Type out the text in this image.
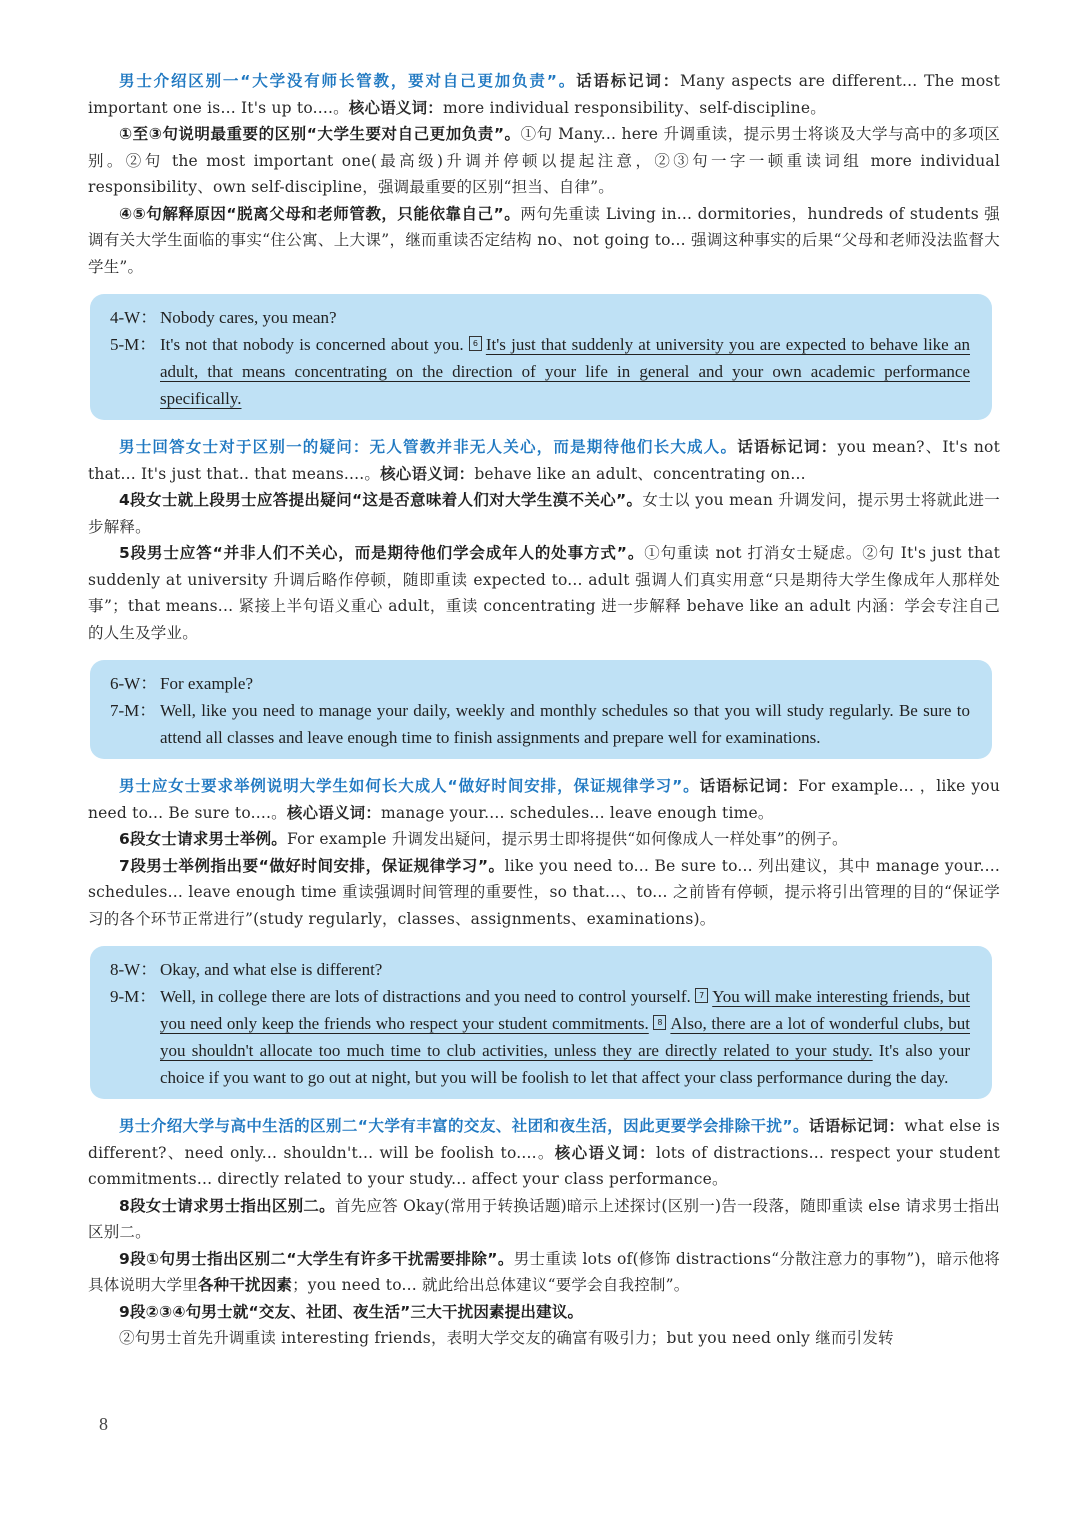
男士介绍区别一“大学没有师长管教，要对自己更加负责”。话语标记词：Many aspects are different... The most important one is... It's up to....。核心语义词：more individual responsibility、self-discipline。

①至③句说明最重要的区别“大学生要对自己更加负责”。①句 Many... here 升调重读，提示男士将谈及大学与高中的多项区别。②句 the most important one(最高级)升调并停顿以提起注意，②③句一字一顿重读词组 more individual responsibility、own self-discipline，强调最重要的区别“担当、自律”。

④⑤句解释原因“脱离父母和老师管教，只能依靠自己”。两句先重读 Living in... dormitories，hundreds of students 强调有关大学生面临的事实“住公寓、上大课”，继而重读否定结构 no、not going to... 强调这种事实的后果“父母和老师没法监督大学生”。

4-W： Nobody cares, you mean?
5-M： It's not that nobody is concerned about you. 6 It's just that suddenly at university you are expected to behave like an adult, that means concentrating on the direction of your life in general and your own academic performance specifically.

男士回答女士对于区别一的疑问：无人管教并非无人关心，而是期待他们长大成人。话语标记词：you mean?、It's not that... It's just that.. that means....。核心语义词：behave like an adult、concentrating on...

4段女士就上段男士应答提出疑问“这是否意味着人们对大学生漠不关心”。女士以 you mean 升调发问，提示男士将就此进一步解释。

5段男士应答“并非人们不关心，而是期待他们学会成年人的处事方式”。①句重读 not 打消女士疑虑。②句 It's just that suddenly at university 升调后略作停顿，随即重读 expected to... adult 强调人们真实用意“只是期待大学生像成年人那样处事”；that means... 紧接上半句语义重心 adult，重读 concentrating 进一步解释 behave like an adult 内涵：学会专注自己的人生及学业。

6-W： For example?
7-M： Well, like you need to manage your daily, weekly and monthly schedules so that you will study regularly. Be sure to attend all classes and leave enough time to finish assignments and prepare well for examinations.

男士应女士要求举例说明大学生如何长大成人“做好时间安排，保证规律学习”。话语标记词：For example... ，like you need to... Be sure to....。核心语义词：manage your.... schedules... leave enough time。

6段女士请求男士举例。For example 升调发出疑问，提示男士即将提供“如何像成人一样处事”的例子。

7段男士举例指出要“做好时间安排，保证规律学习”。like you need to... Be sure to... 列出建议，其中 manage your.... schedules... leave enough time 重读强调时间管理的重要性，so that...、to... 之前皆有停顿，提示将引出管理的目的“保证学习的各个环节正常进行”(study regularly，classes、assignments、examinations)。

8-W： Okay, and what else is different?
9-M： Well, in college there are lots of distractions and you need to control yourself. 7 You will make interesting friends, but you need only keep the friends who respect your student commitments. 8 Also, there are a lot of wonderful clubs, but you shouldn't allocate too much time to club activities, unless they are directly related to your study. It's also your choice if you want to go out at night, but you will be foolish to let that affect your class performance during the day.

男士介绍大学与高中生活的区别二“大学有丰富的交友、社团和夜生活，因此更要学会排除干扰”。话语标记词：what else is different?、need only... shouldn't... will be foolish to....。核心语义词：lots of distractions... respect your student commitments... directly related to your study... affect your class performance。

8段女士请求男士指出区别二。首先应答 Okay(常用于转换话题)暗示上述探讨(区别一)告一段落，随即重读 else 请求男士指出区别二。

9段①句男士指出区别二“大学生有许多干扰需要排除”。男士重读 lots of(修饰 distractions“分散注意力的事物”)，暗示他将具体说明大学里各种干扰因素；you need to... 就此给出总体建议“要学会自我控制”。

9段②③④句男士就“交友、社团、夜生活”三大干扰因素提出建议。

②句男士首先升调重读 interesting friends，表明大学交友的确富有吸引力；but you need only 继而引发转

8
